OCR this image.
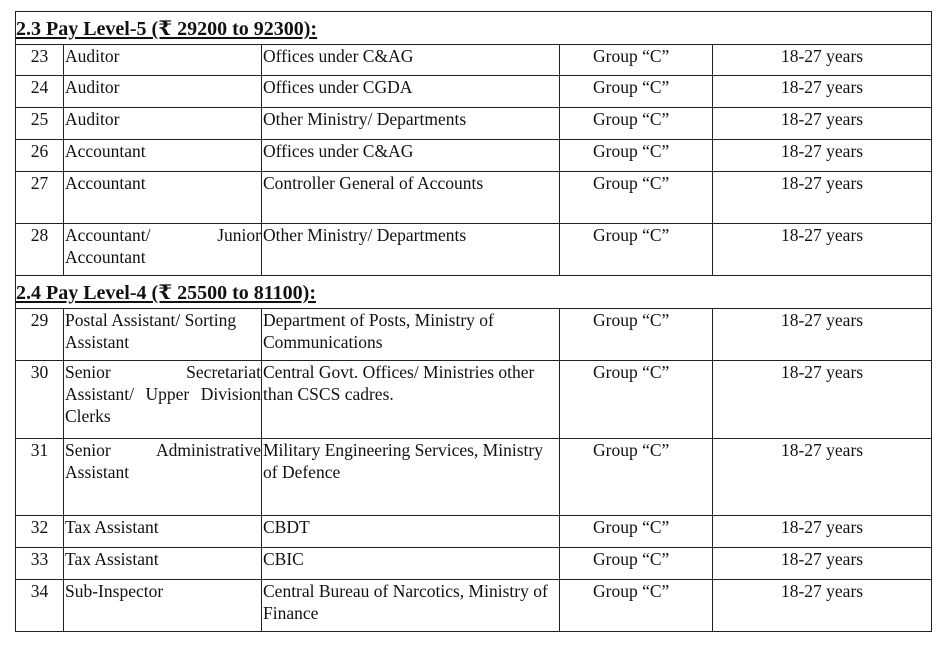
2.3 Pay Level-5 (₹ 29200 to 92300):				
23	Auditor	Offices under C&AG	Group “C”	18-27 years
24	Auditor	Offices under CGDA	Group “C”	18-27 years
25	Auditor	Other Ministry/ Departments	Group “C”	18-27 years
26	Accountant	Offices under C&AG	Group “C”	18-27 years
27	Accountant	Controller General of Accounts	Group “C”	18-27 years
28	Accountant/ Junior Accountant	Other Ministry/ Departments	Group “C”	18-27 years
2.4 Pay Level-4 (₹ 25500 to 81100):				
29	Postal Assistant/ Sorting Assistant	Department of Posts, Ministry of Communications	Group “C”	18-27 years
30	Senior Secretariat Assistant/ Upper Division Clerks	Central Govt. Offices/ Ministries other than CSCS cadres.	Group “C”	18-27 years
31	Senior Administrative Assistant	Military Engineering Services, Ministry of Defence	Group “C”	18-27 years
32	Tax Assistant	CBDT	Group “C”	18-27 years
33	Tax Assistant	CBIC	Group “C”	18-27 years
34	Sub-Inspector	Central Bureau of Narcotics, Ministry of Finance	Group “C”	18-27 years
